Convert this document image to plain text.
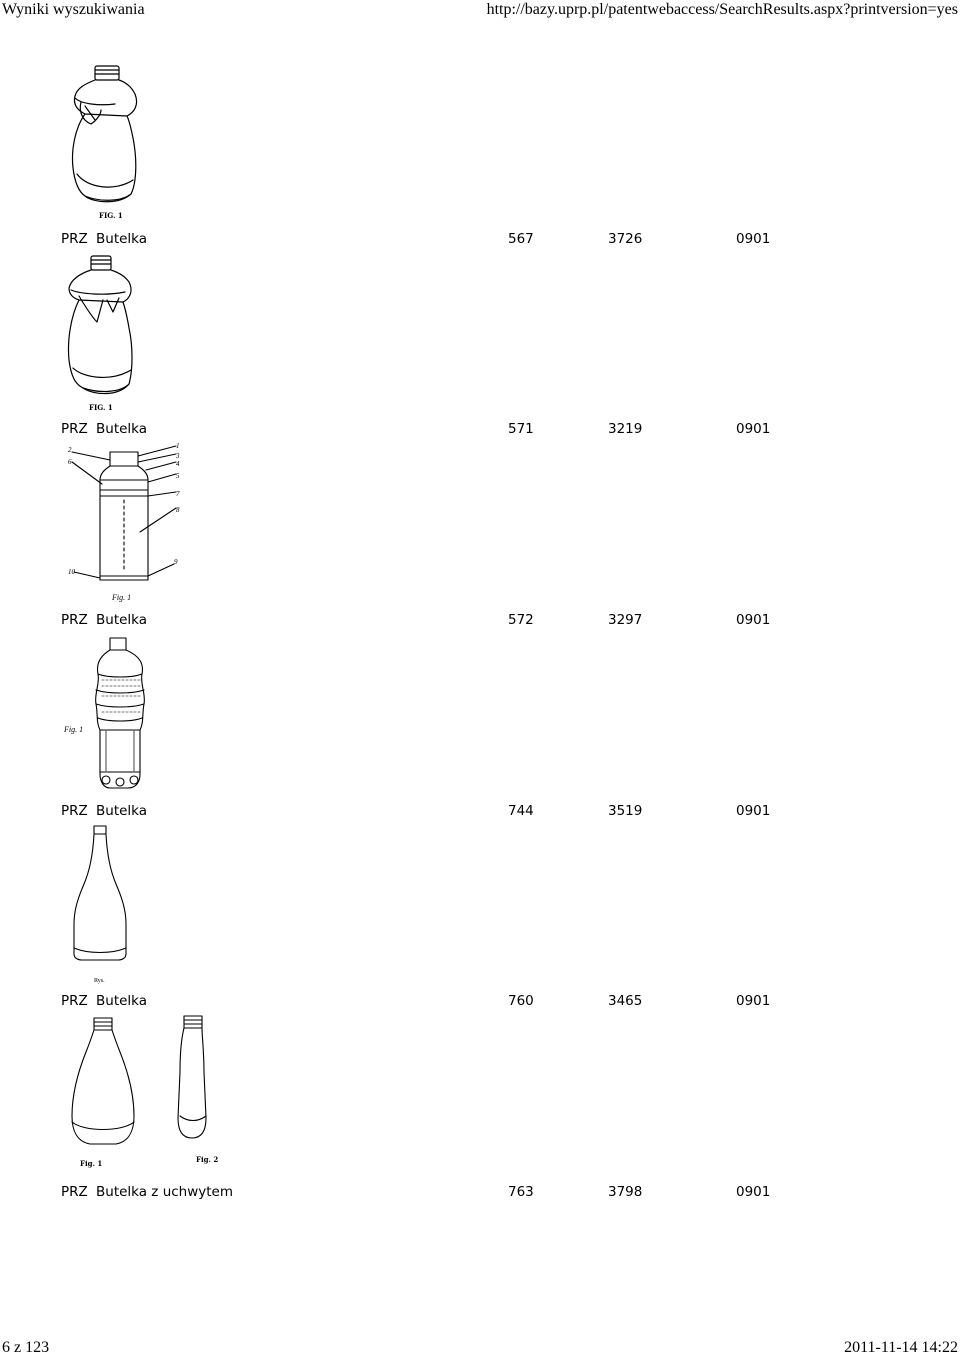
Wyniki wyszukiwania	http://bazy.uprp.pl/patentwebaccess/SearchResults.aspx?printversion=yes
FIG. 1
PRZ Butelka	567	3726	0901
FIG. 1
PRZ Butelka	571	3219	0901
2
6
1
3
4
5
7
8
10
9
Fig. 1
PRZ Butelka	572	3297	0901
Fig. 1
PRZ Butelka	744	3519	0901
Rys.
PRZ Butelka	760	3465	0901
Fig. 1	Fig. 2
PRZ Butelka z uchwytem	763	3798	0901
6 z 123	2011-11-14 14:22
